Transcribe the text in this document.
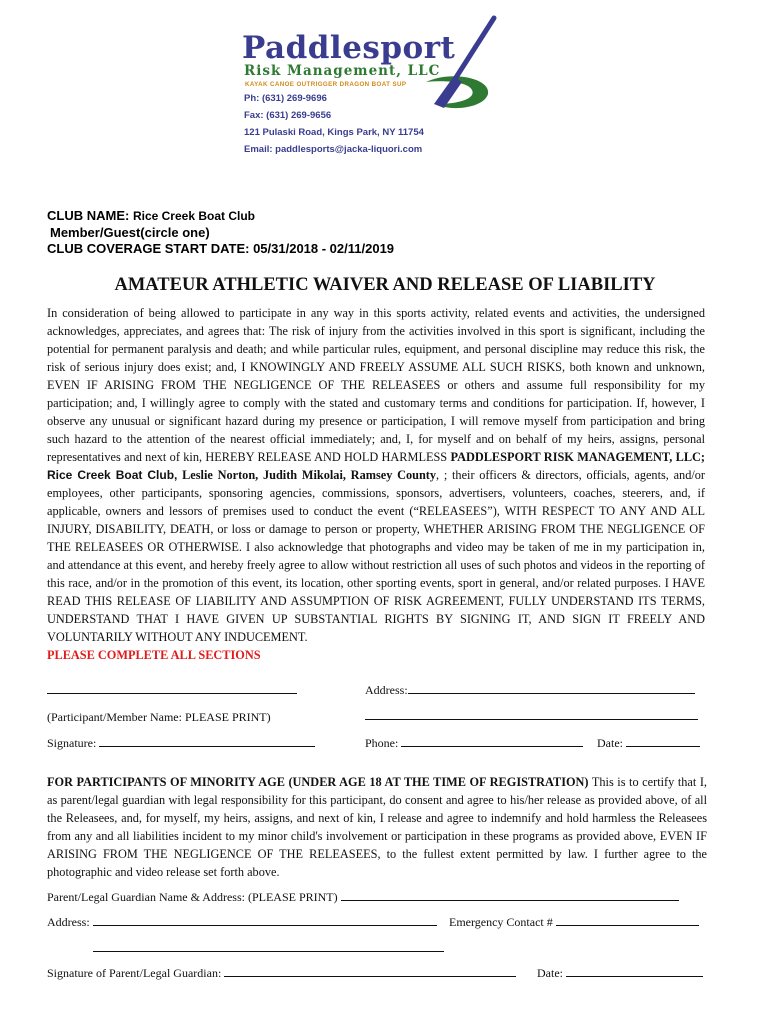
Paddlesport
Risk Management, LLC
KAYAK CANOE OUTRIGGER DRAGON BOAT SUP
Ph: (631) 269-9696
Fax: (631) 269-9656
121 Pulaski Road, Kings Park, NY 11754
Email: paddlesports@jacka-liquori.com
CLUB NAME: Rice Creek Boat Club
Member/Guest(circle one)
CLUB COVERAGE START DATE: 05/31/2018 - 02/11/2019
AMATEUR ATHLETIC WAIVER AND RELEASE OF LIABILITY
In consideration of being allowed to participate in any way in this sports activity, related events and activities, the undersigned acknowledges, appreciates, and agrees that: The risk of injury from the activities involved in this sport is significant, including the potential for permanent paralysis and death; and while particular rules, equipment, and personal discipline may reduce this risk, the risk of serious injury does exist; and, I KNOWINGLY AND FREELY ASSUME ALL SUCH RISKS, both known and unknown, EVEN IF ARISING FROM THE NEGLIGENCE OF THE RELEASEES or others and assume full responsibility for my participation; and, I willingly agree to comply with the stated and customary terms and conditions for participation. If, however, I observe any unusual or significant hazard during my presence or participation, I will remove myself from participation and bring such hazard to the attention of the nearest official immediately; and, I, for myself and on behalf of my heirs, assigns, personal representatives and next of kin, HEREBY RELEASE AND HOLD HARMLESS PADDLESPORT RISK MANAGEMENT, LLC; Rice Creek Boat Club, Leslie Norton, Judith Mikolai, Ramsey County, ; their officers & directors, officials, agents, and/or employees, other participants, sponsoring agencies, commissions, sponsors, advertisers, volunteers, coaches, steerers, and, if applicable, owners and lessors of premises used to conduct the event (“RELEASEES”), WITH RESPECT TO ANY AND ALL INJURY, DISABILITY, DEATH, or loss or damage to person or property, WHETHER ARISING FROM THE NEGLIGENCE OF THE RELEASEES OR OTHERWISE. I also acknowledge that photographs and video may be taken of me in my participation in, and attendance at this event, and hereby freely agree to allow without restriction all uses of such photos and videos in the reporting of this race, and/or in the promotion of this event, its location, other sporting events, sport in general, and/or related purposes. I HAVE READ THIS RELEASE OF LIABILITY AND ASSUMPTION OF RISK AGREEMENT, FULLY UNDERSTAND ITS TERMS, UNDERSTAND THAT I HAVE GIVEN UP SUBSTANTIAL RIGHTS BY SIGNING IT, AND SIGN IT FREELY AND VOLUNTARILY WITHOUT ANY INDUCEMENT.
PLEASE COMPLETE ALL SECTIONS
Address:
(Participant/Member Name: PLEASE PRINT)
Signature:	Phone:	Date:
FOR PARTICIPANTS OF MINORITY AGE (UNDER AGE 18 AT THE TIME OF REGISTRATION) This is to certify that I, as parent/legal guardian with legal responsibility for this participant, do consent and agree to his/her release as provided above, of all the Releasees, and, for myself, my heirs, assigns, and next of kin, I release and agree to indemnify and hold harmless the Releasees from any and all liabilities incident to my minor child's involvement or participation in these programs as provided above, EVEN IF ARISING FROM THE NEGLIGENCE OF THE RELEASEES, to the fullest extent permitted by law. I further agree to the photographic and video release set forth above.
Parent/Legal Guardian Name & Address: (PLEASE PRINT)
Address:	Emergency Contact #
Signature of Parent/Legal Guardian:	Date:
